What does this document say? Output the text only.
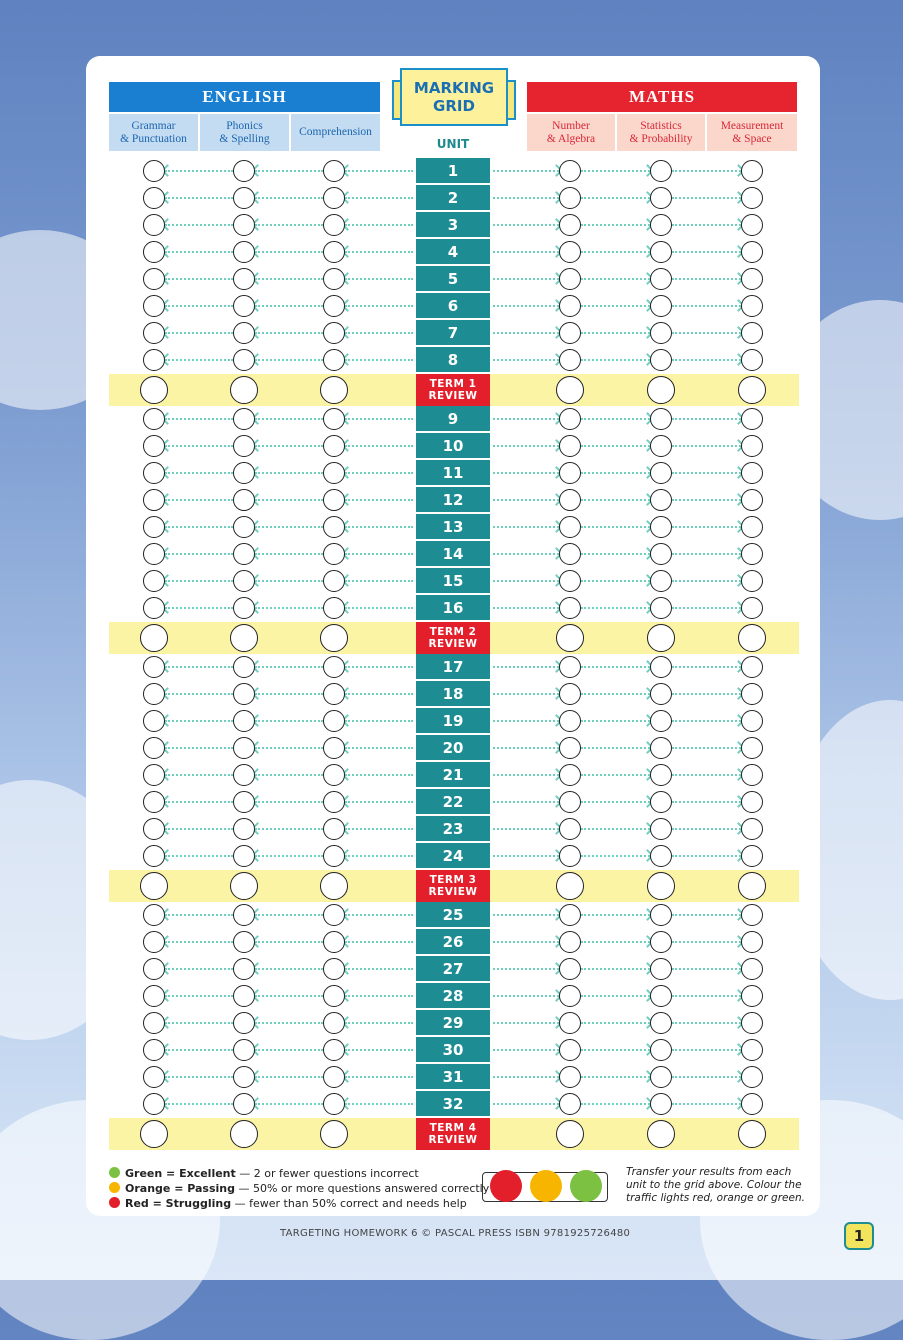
ENGLISH	MATHS
Grammar
& Punctuation
Phonics
& Spelling
Comprehension
Number
& Algebra
Statistics
& Probability
Measurement
& Space
MARKING
GRID
UNIT
1
2
3
4
5
6
7
8
TERM 1
REVIEW
9
10
11
12
13
14
15
16
TERM 2
REVIEW
17
18
19
20
21
22
23
24
TERM 3
REVIEW
25
26
27
28
29
30
31
32
TERM 4
REVIEW
Green = Excellent — 2 or fewer questions incorrect
Orange = Passing — 50% or more questions answered correctly
Red = Struggling — fewer than 50% correct and needs help
Transfer your results from each unit to the grid above. Colour the traffic lights red, orange or green.
TARGETING HOMEWORK 6 © PASCAL PRESS ISBN 9781925726480	1
